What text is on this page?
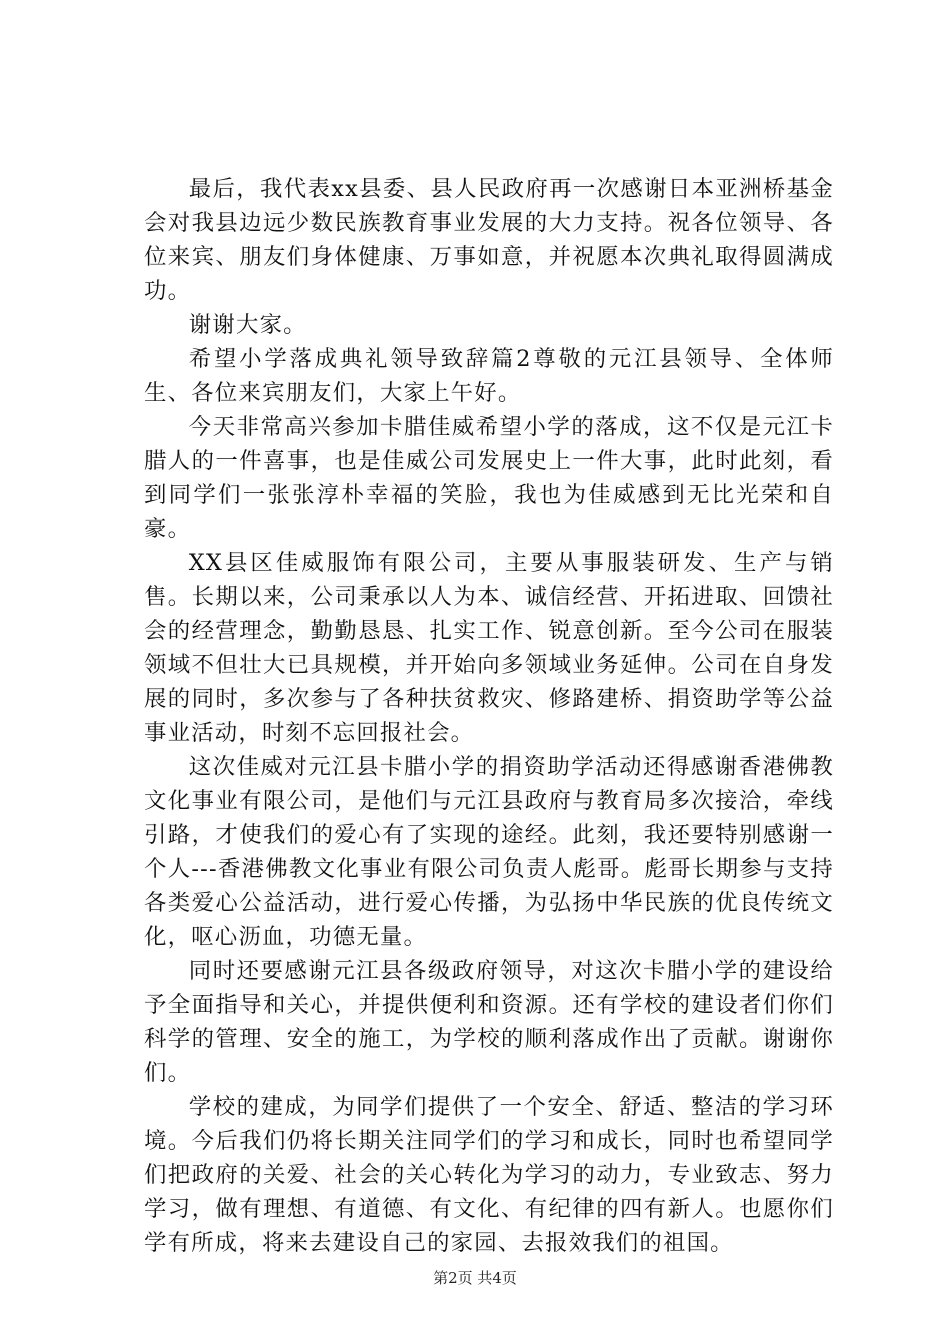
最后，我代表xx县委、县人民政府再一次感谢日本亚洲桥基金会对我县边远少数民族教育事业发展的大力支持。祝各位领导、各位来宾、朋友们身体健康、万事如意，并祝愿本次典礼取得圆满成功。

谢谢大家。

希望小学落成典礼领导致辞篇2尊敬的元江县领导、全体师生、各位来宾朋友们，大家上午好。

今天非常高兴参加卡腊佳威希望小学的落成，这不仅是元江卡腊人的一件喜事，也是佳威公司发展史上一件大事，此时此刻，看到同学们一张张淳朴幸福的笑脸，我也为佳威感到无比光荣和自豪。

XX县区佳威服饰有限公司，主要从事服装研发、生产与销售。长期以来，公司秉承以人为本、诚信经营、开拓进取、回馈社会的经营理念，勤勤恳恳、扎实工作、锐意创新。至今公司在服装领域不但壮大已具规模，并开始向多领域业务延伸。公司在自身发展的同时，多次参与了各种扶贫救灾、修路建桥、捐资助学等公益事业活动，时刻不忘回报社会。

这次佳威对元江县卡腊小学的捐资助学活动还得感谢香港佛教文化事业有限公司，是他们与元江县政府与教育局多次接洽，牵线引路，才使我们的爱心有了实现的途经。此刻，我还要特别感谢一个人---香港佛教文化事业有限公司负责人彪哥。彪哥长期参与支持各类爱心公益活动，进行爱心传播，为弘扬中华民族的优良传统文化，呕心沥血，功德无量。

同时还要感谢元江县各级政府领导，对这次卡腊小学的建设给予全面指导和关心，并提供便利和资源。还有学校的建设者们你们科学的管理、安全的施工，为学校的顺利落成作出了贡献。谢谢你们。

学校的建成，为同学们提供了一个安全、舒适、整洁的学习环境。今后我们仍将长期关注同学们的学习和成长，同时也希望同学们把政府的关爱、社会的关心转化为学习的动力，专业致志、努力学习，做有理想、有道德、有文化、有纪律的四有新人。也愿你们学有所成，将来去建设自己的家园、去报效我们的祖国。

第2页 共4页
